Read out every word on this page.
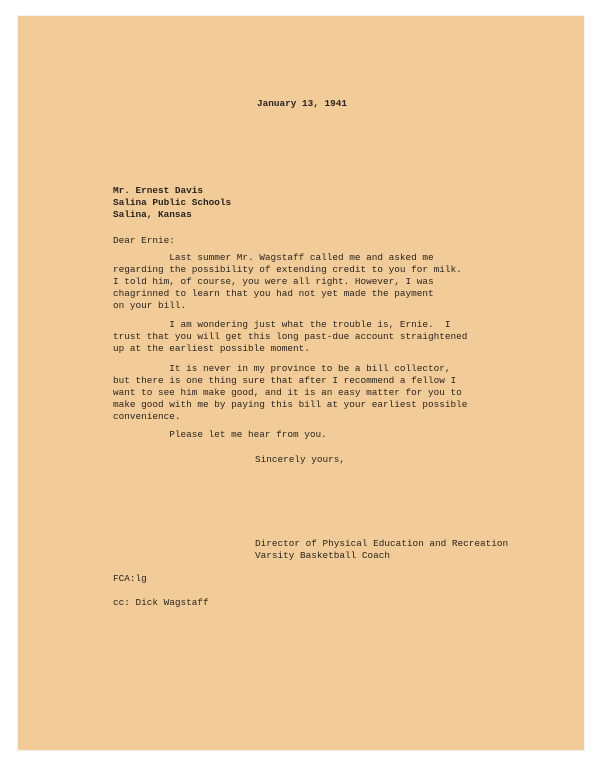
January 13, 1941
Mr. Ernest Davis
Salina Public Schools
Salina, Kansas
Dear Ernie:
Last summer Mr. Wagstaff called me and asked me
regarding the possibility of extending credit to you for milk.
I told him, of course, you were all right. However, I was
chagrinned to learn that you had not yet made the payment
on your bill.
I am wondering just what the trouble is, Ernie.  I
trust that you will get this long past-due account straightened
up at the earliest possible moment.
It is never in my province to be a bill collector,
but there is one thing sure that after I recommend a fellow I
want to see him make good, and it is an easy matter for you to
make good with me by paying this bill at your earliest possible
convenience.
Please let me hear from you.
Sincerely yours,
Director of Physical Education and Recreation
Varsity Basketball Coach
FCA:lg
cc: Dick Wagstaff
